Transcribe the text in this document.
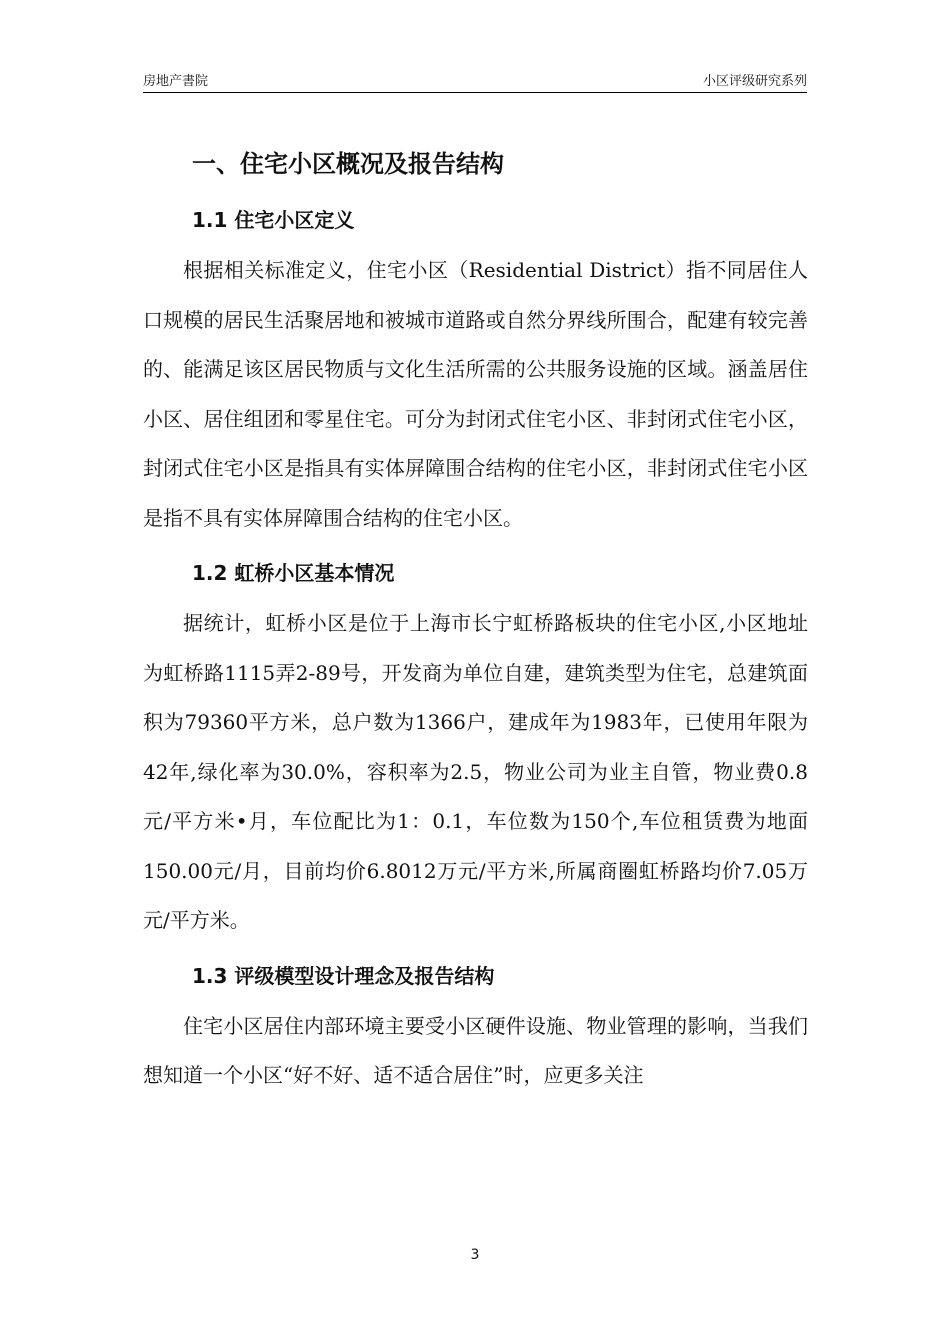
房地产書院	小区评级研究系列
一、住宅小区概况及报告结构
1.1 住宅小区定义

根据相关标准定义，住宅小区（Residential District）指不同居住人口规模的居民生活聚居地和被城市道路或自然分界线所围合，配建有较完善的、能满足该区居民物质与文化生活所需的公共服务设施的区域。涵盖居住小区、居住组团和零星住宅。可分为封闭式住宅小区、非封闭式住宅小区，封闭式住宅小区是指具有实体屏障围合结构的住宅小区，非封闭式住宅小区是指不具有实体屏障围合结构的住宅小区。

1.2 虹桥小区基本情况

据统计，虹桥小区是位于上海市长宁虹桥路板块的住宅小区,小区地址为虹桥路1115弄2-89号，开发商为单位自建，建筑类型为住宅，总建筑面积为79360平方米，总户数为1366户，建成年为1983年，已使用年限为42年,绿化率为30.0%，容积率为2.5，物业公司为业主自管，物业费0.8元/平方米•月，车位配比为1：0.1，车位数为150个,车位租赁费为地面150.00元/月，目前均价6.8012万元/平方米,所属商圈虹桥路均价7.05万元/平方米。

1.3 评级模型设计理念及报告结构

住宅小区居住内部环境主要受小区硬件设施、物业管理的影响，当我们想知道一个小区“好不好、适不适合居住”时，应更多关注

3
